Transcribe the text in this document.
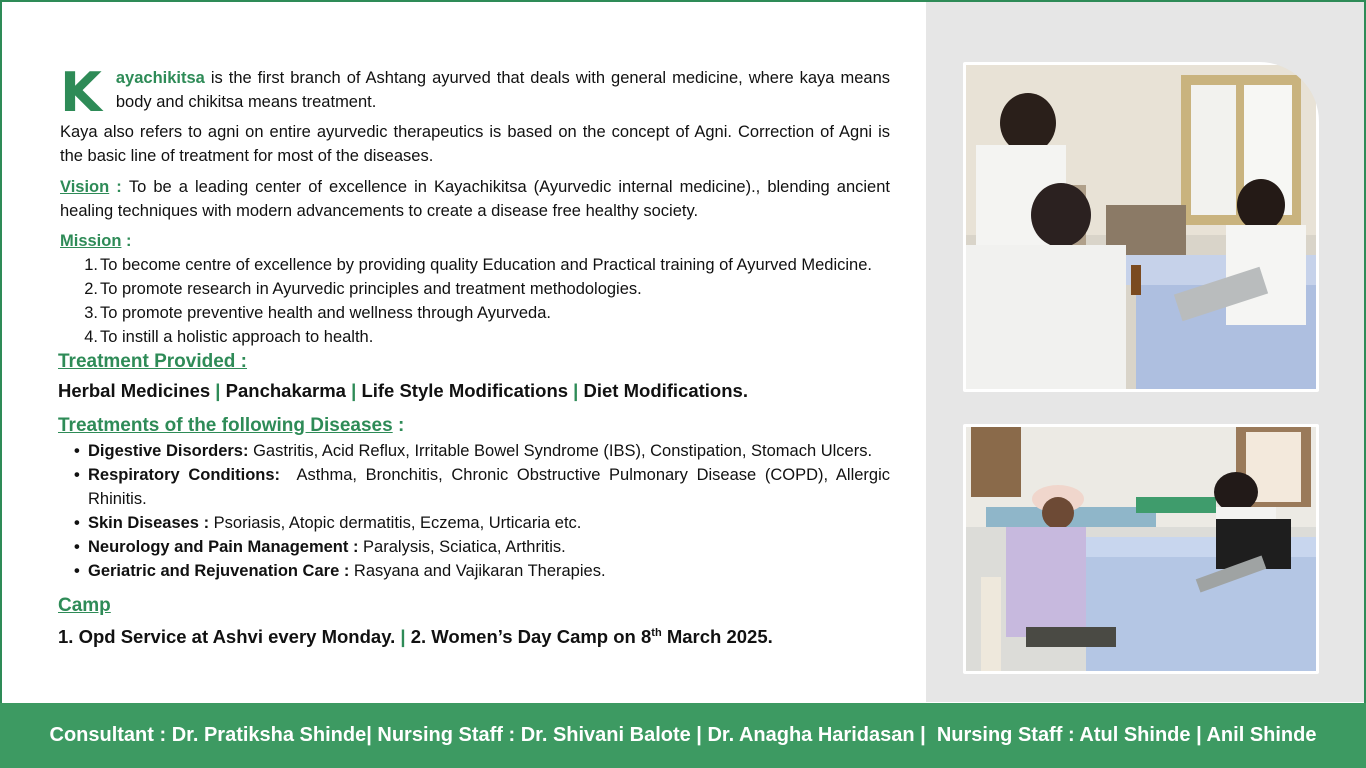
Kayachikitsa is the first branch of Ashtang ayurved that deals with general medicine, where kaya means body and chikitsa means treatment.
Kaya also refers to agni on entire ayurvedic therapeutics is based on the concept of Agni. Correction of Agni is the basic line of treatment for most of the diseases.
Vision : To be a leading center of excellence in Kayachikitsa (Ayurvedic internal medicine)., blending ancient healing techniques with modern advancements to create a disease free healthy society.
Mission :
1. To become centre of excellence by providing quality Education and Practical training of Ayurved Medicine.
2. To promote research in Ayurvedic principles and treatment methodologies.
3. To promote preventive health and wellness through Ayurveda.
4. To instill a holistic approach to health.
Treatment Provided :
Herbal Medicines | Panchakarma | Life Style Modifications | Diet Modifications.
Treatments of the following Diseases :
• Digestive Disorders: Gastritis, Acid Reflux, Irritable Bowel Syndrome (IBS), Constipation, Stomach Ulcers.
• Respiratory Conditions:  Asthma, Bronchitis, Chronic Obstructive Pulmonary Disease (COPD), Allergic Rhinitis.
• Skin Diseases : Psoriasis, Atopic dermatitis, Eczema, Urticaria etc.
• Neurology and Pain Management : Paralysis, Sciatica, Arthritis.
• Geriatric and Rejuvenation Care : Rasyana and Vajikaran Therapies.
Camp
1. Opd Service at Ashvi every Monday. | 2. Women’s Day Camp on 8th March 2025.
Consultant : Dr. Pratiksha Shinde| Nursing Staff : Dr. Shivani Balote | Dr. Anagha Haridasan |  Nursing Staff : Atul Shinde | Anil Shinde
